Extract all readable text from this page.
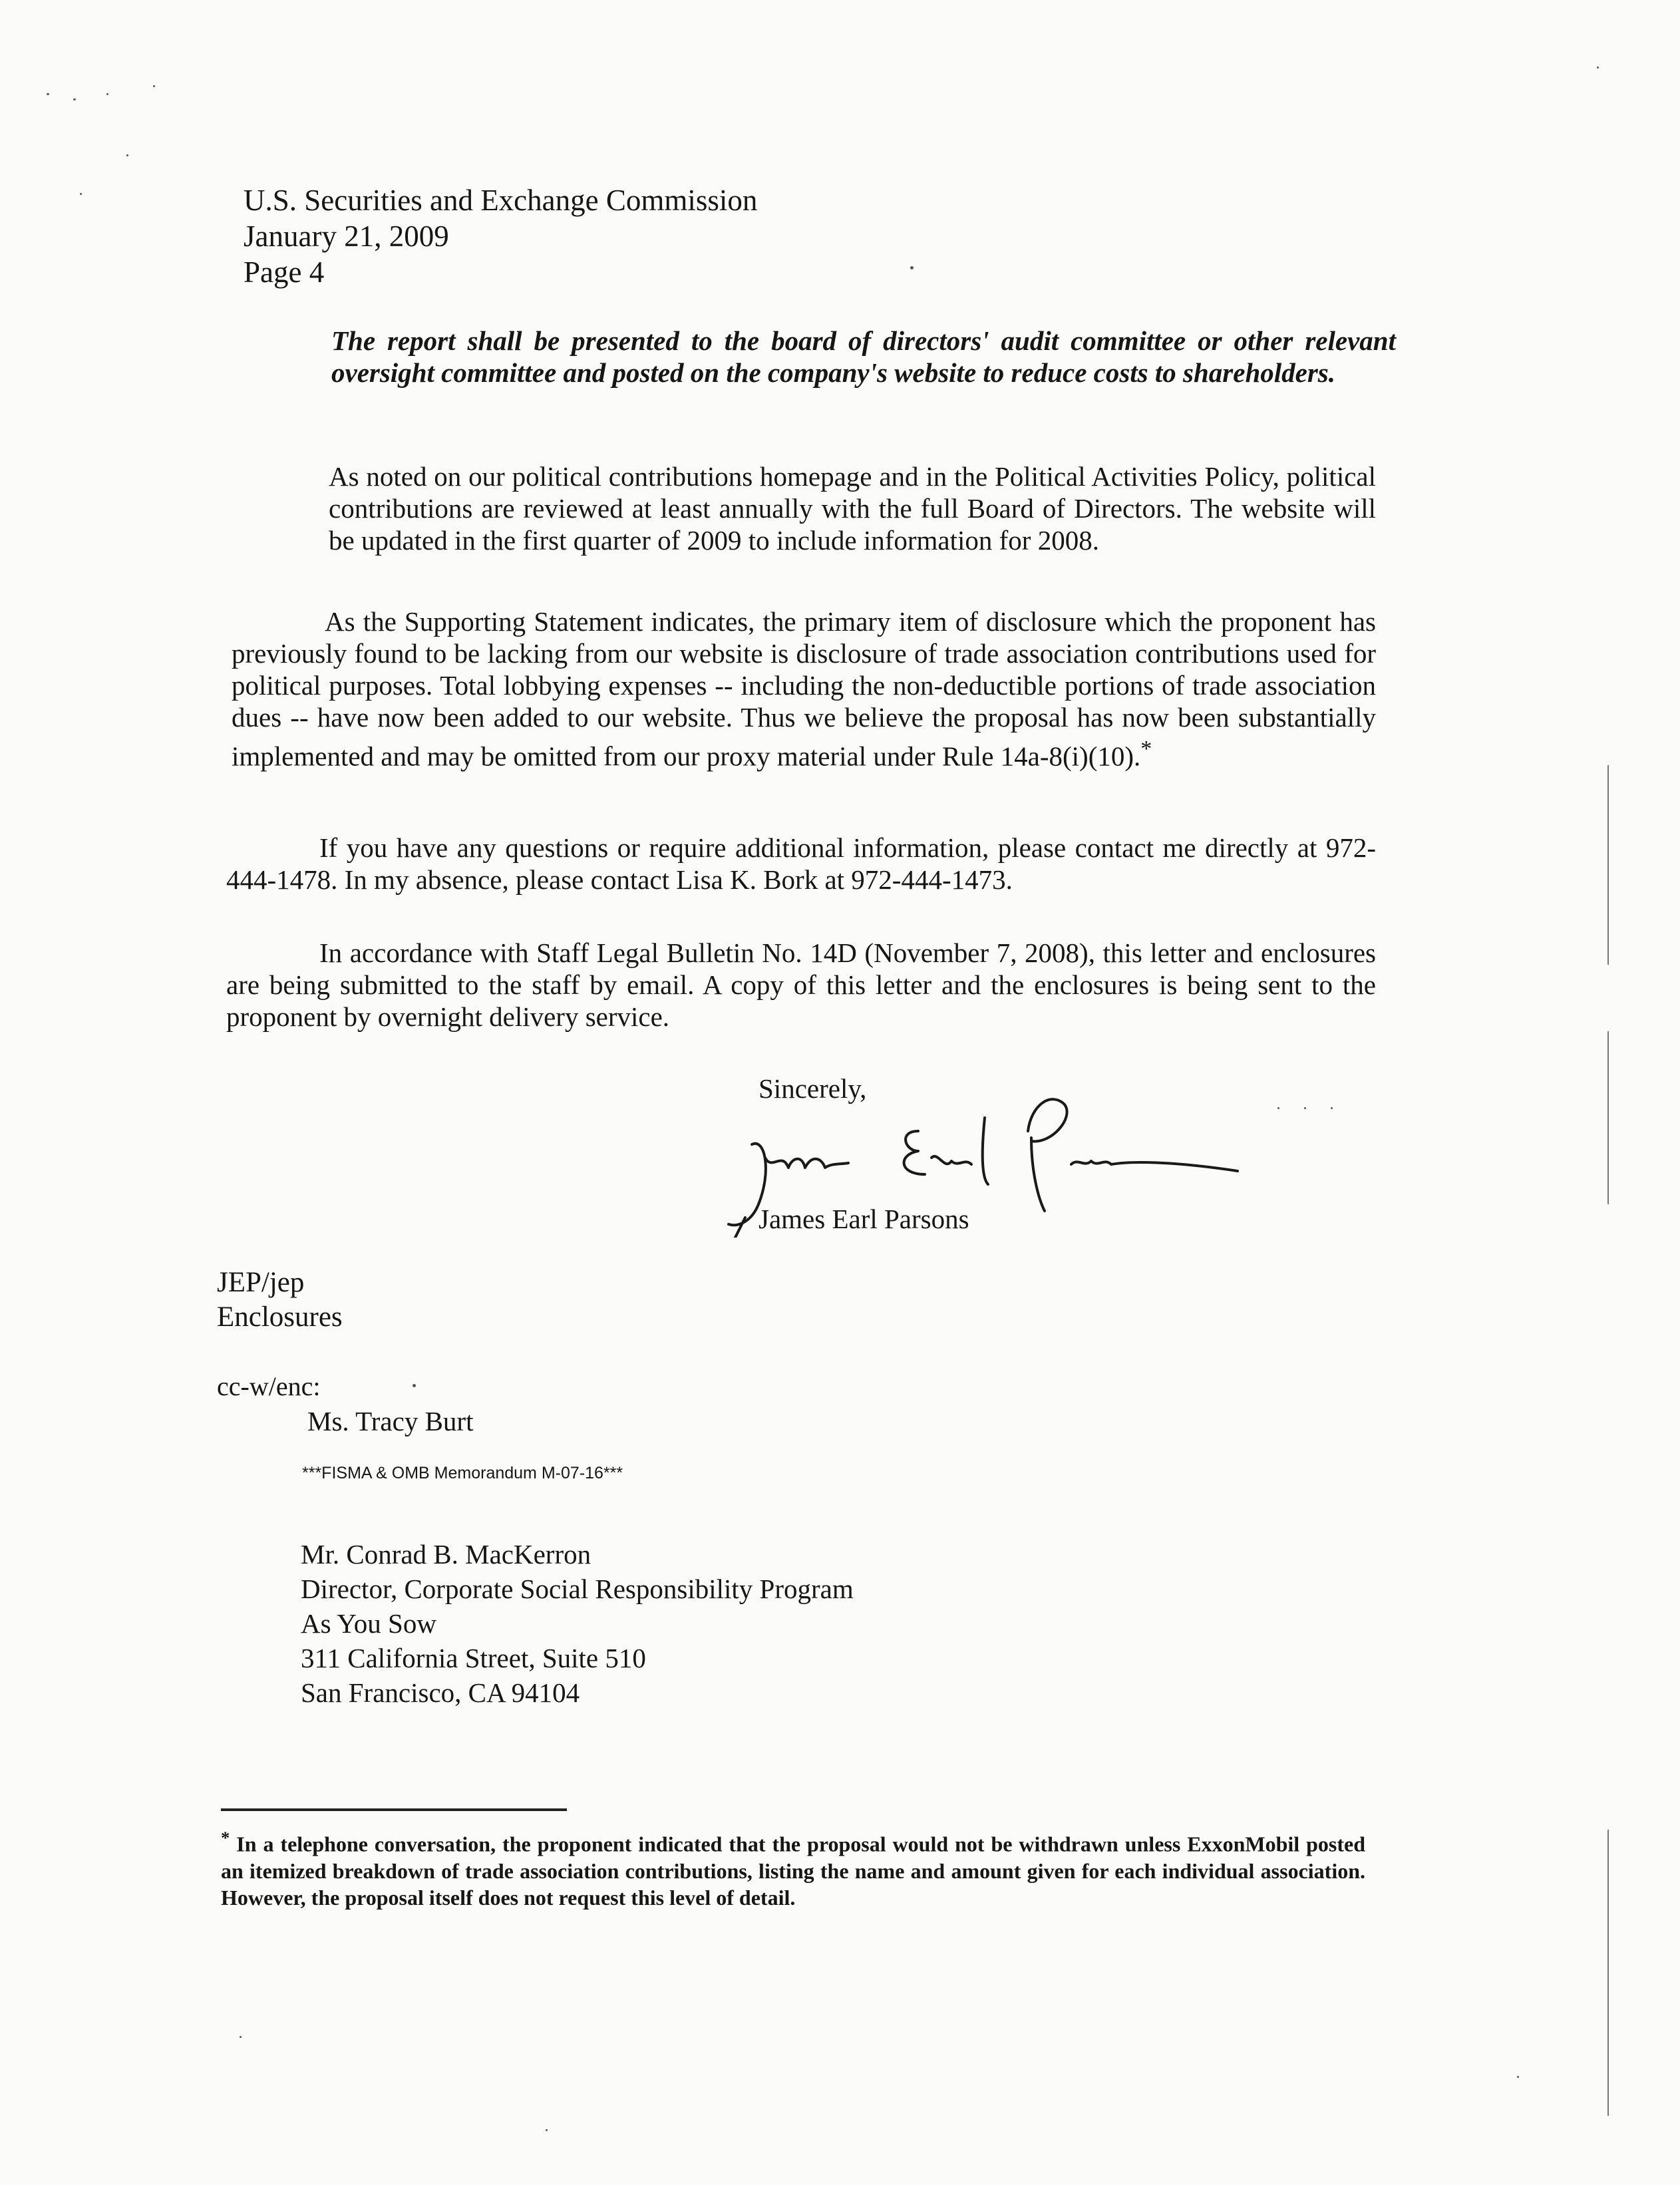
U.S. Securities and Exchange Commission
January 21, 2009
Page 4

The report shall be presented to the board of directors' audit committee or other relevant oversight committee and posted on the company's website to reduce costs to shareholders.

As noted on our political contributions homepage and in the Political Activities Policy, political contributions are reviewed at least annually with the full Board of Directors. The website will be updated in the first quarter of 2009 to include information for 2008.

As the Supporting Statement indicates, the primary item of disclosure which the proponent has previously found to be lacking from our website is disclosure of trade association contributions used for political purposes. Total lobbying expenses -- including the non-deductible portions of trade association dues -- have now been added to our website. Thus we believe the proposal has now been substantially implemented and may be omitted from our proxy material under Rule 14a-8(i)(10).*

If you have any questions or require additional information, please contact me directly at 972-444-1478. In my absence, please contact Lisa K. Bork at 972-444-1473.

In accordance with Staff Legal Bulletin No. 14D (November 7, 2008), this letter and enclosures are being submitted to the staff by email. A copy of this letter and the enclosures is being sent to the proponent by overnight delivery service.

Sincerely,
James Earl Parsons
JEP/jep
Enclosures
cc-w/enc:
Ms. Tracy Burt
***FISMA & OMB Memorandum M-07-16***
Mr. Conrad B. MacKerron
Director, Corporate Social Responsibility Program
As You Sow
311 California Street, Suite 510
San Francisco, CA 94104

* In a telephone conversation, the proponent indicated that the proposal would not be withdrawn unless ExxonMobil posted an itemized breakdown of trade association contributions, listing the name and amount given for each individual association. However, the proposal itself does not request this level of detail.
